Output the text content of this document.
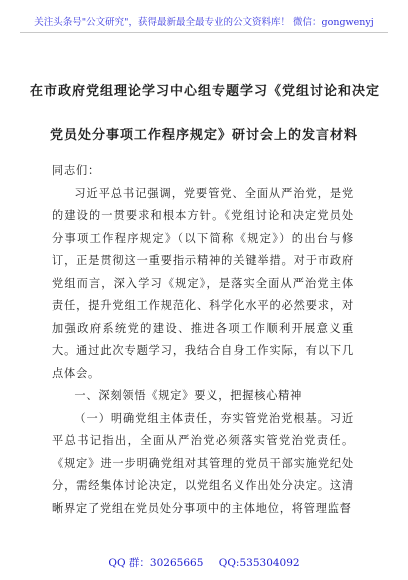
关注头条号"公文研究"，获得最新最全最专业的公文资料库！ 微信：gongwenyj
在市政府党组理论学习中心组专题学习《党组讨论和决定
党员处分事项工作程序规定》研讨会上的发言材料

同志们：

习近平总书记强调，党要管党、全面从严治党，是党的建设的一贯要求和根本方针。《党组讨论和决定党员处分事项工作程序规定》（以下简称《规定》）的出台与修订，正是贯彻这一重要指示精神的关键举措。对于市政府党组而言，深入学习《规定》，是落实全面从严治党主体责任，提升党组工作规范化、科学化水平的必然要求，对加强政府系统党的建设、推进各项工作顺利开展意义重大。通过此次专题学习，我结合自身工作实际，有以下几点体会。

一、深刻领悟《规定》要义，把握核心精神

（一）明确党组主体责任，夯实管党治党根基。习近平总书记指出，全面从严治党必须落实管党治党责任。《规定》进一步明确党组对其管理的党员干部实施党纪处分，需经集体讨论决定，以党组名义作出处分决定。这清晰界定了党组在党员处分事项中的主体地位，将管理监督

QQ 群：30265665 QQ:535304092
